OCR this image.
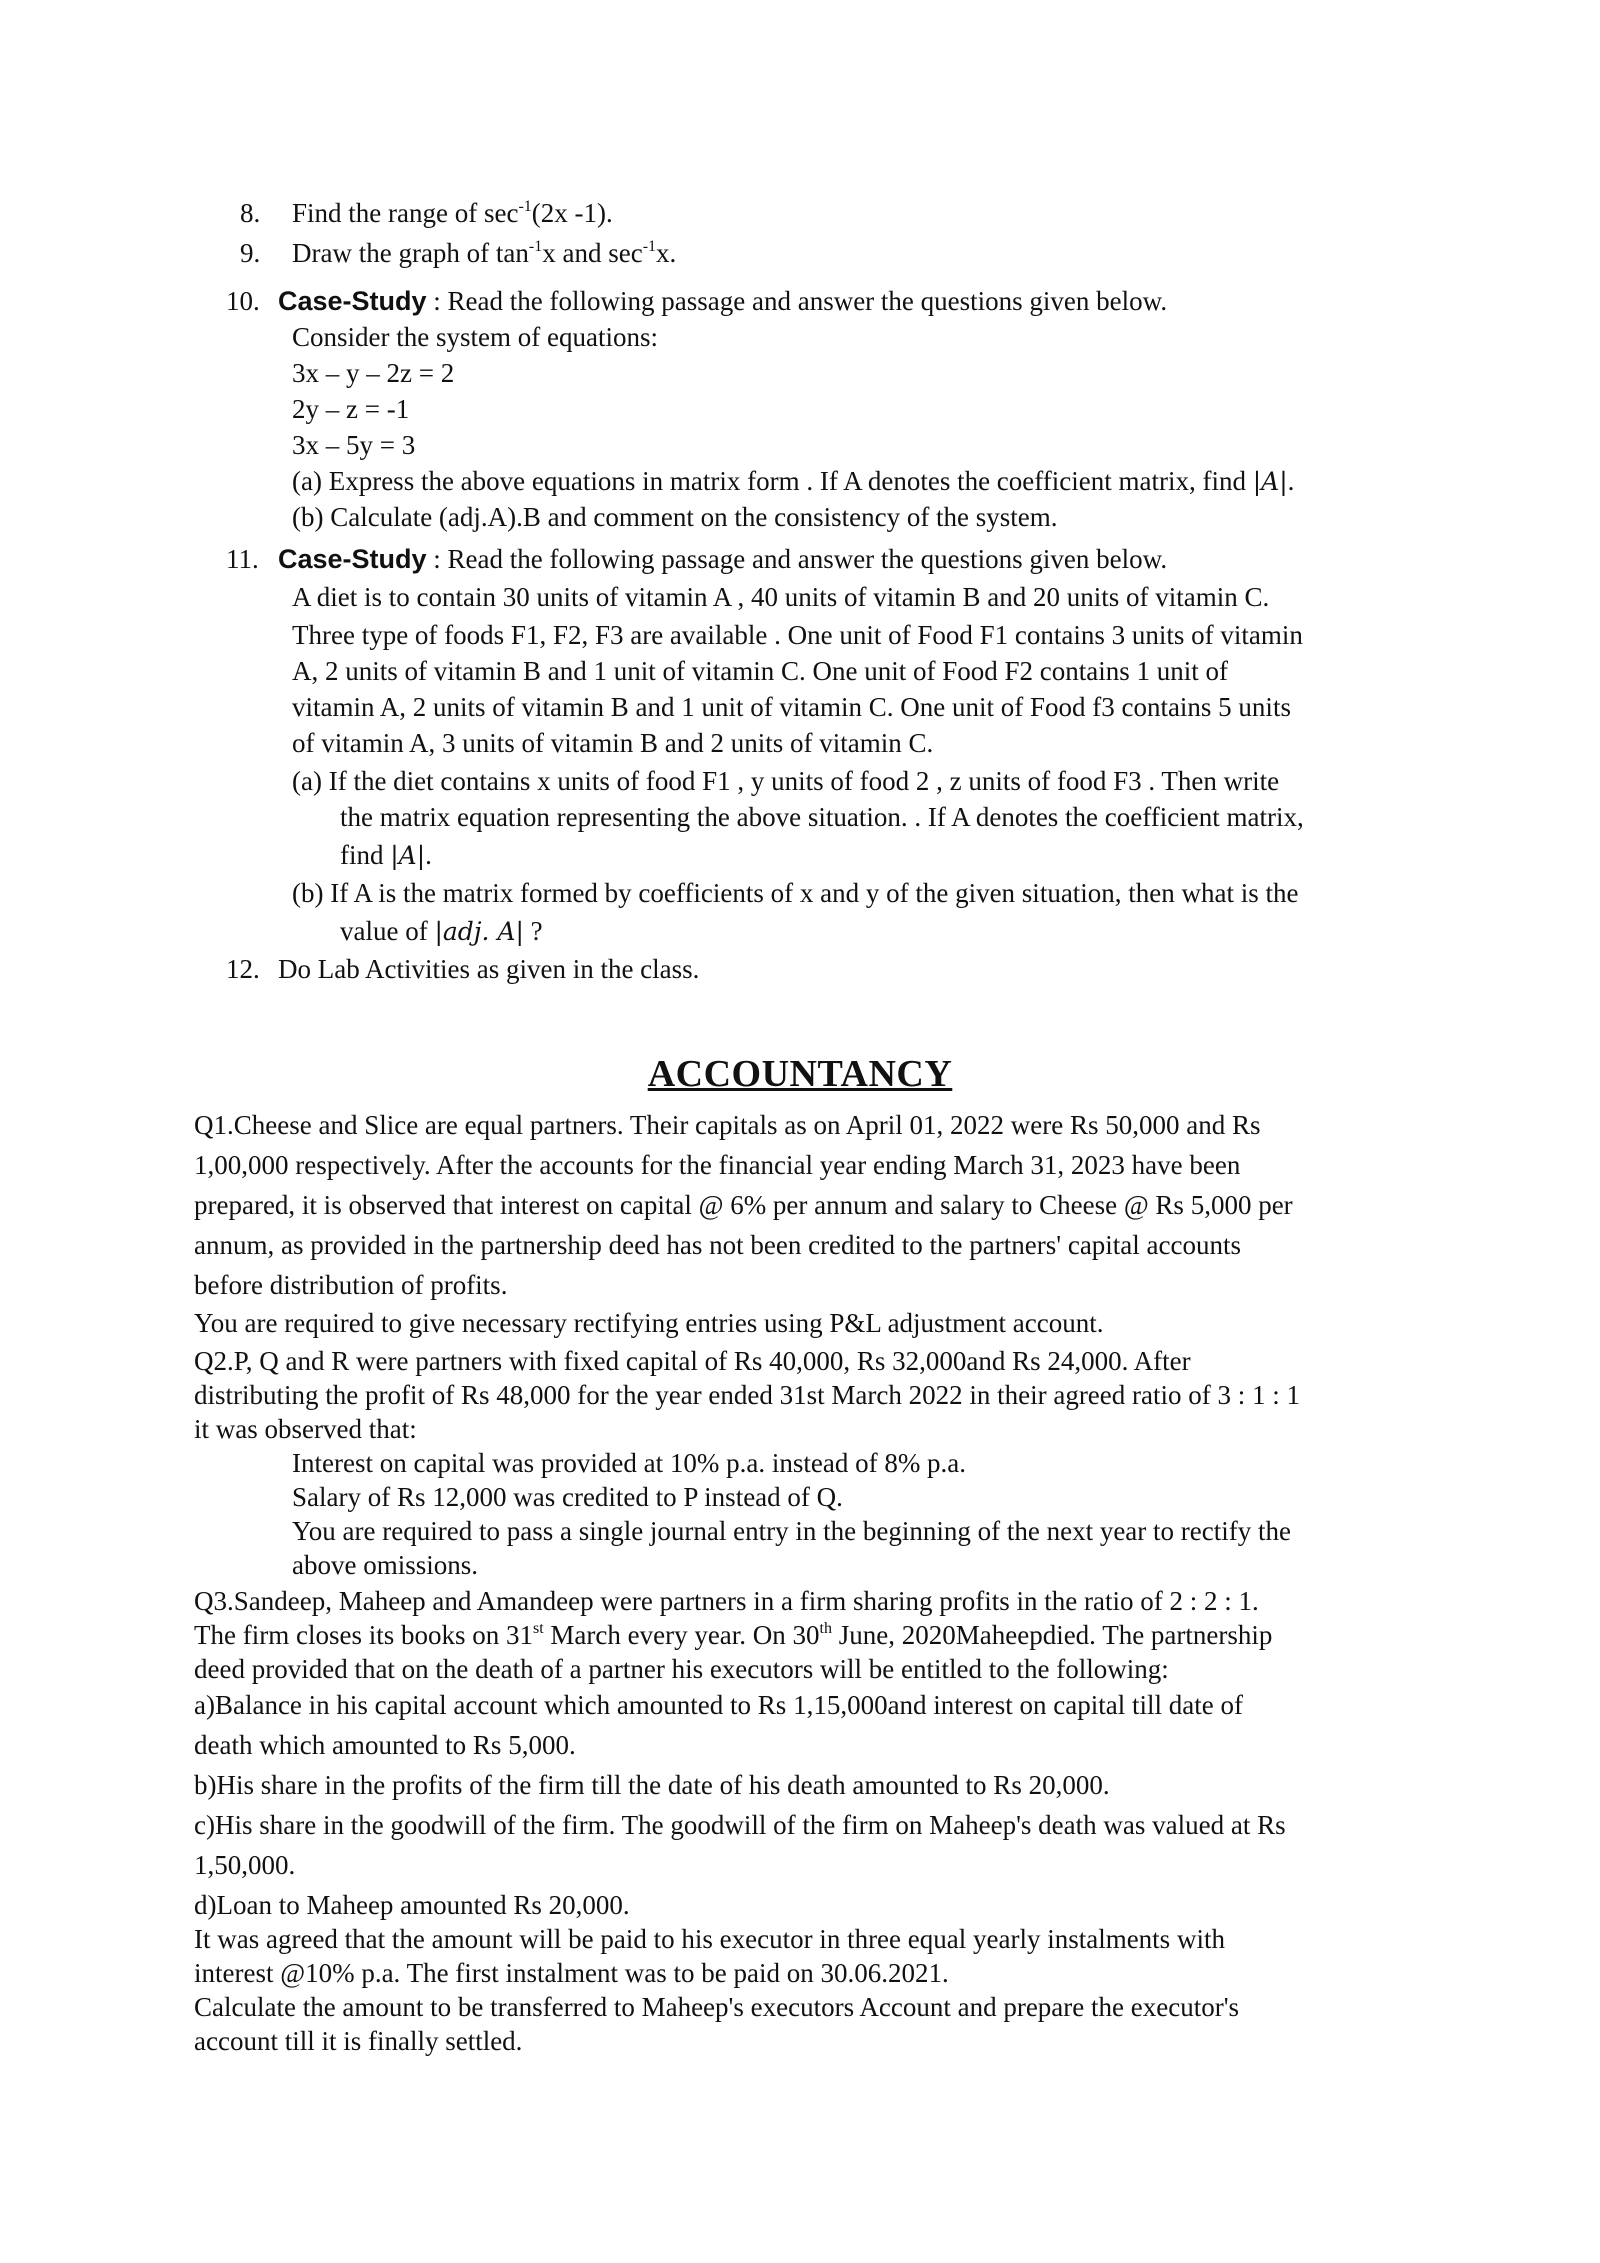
8. Find the range of $\sec^{-1}(2x$ -1).
9. Draw the graph of $\tan^{-1}x$ and $\sec^{-1}x$.
10. Case-Study : Read the following passage and answer the questions given below.
Consider the system of equations:
3x – y – 2z = 2
2y – z = -1
3x – 5y = 3
(a) Express the above equations in matrix form . If A denotes the coefficient matrix, find |A|.
(b) Calculate (adj.A).B and comment on the consistency of the system.
11. Case-Study : Read the following passage and answer the questions given below.
A diet is to contain 30 units of vitamin A , 40 units of vitamin B and 20 units of vitamin C.
Three type of foods F1, F2, F3 are available . One unit of Food F1 contains 3 units of vitamin
A, 2 units of vitamin B and 1 unit of vitamin C. One unit of Food F2 contains 1 unit of
vitamin A, 2 units of vitamin B and 1 unit of vitamin C. One unit of Food f3 contains 5 units
of vitamin A, 3 units of vitamin B and 2 units of vitamin C.
(a) If the diet contains x units of food F1 , y units of food 2 , z units of food F3 . Then write
the matrix equation representing the above situation. . If A denotes the coefficient matrix,
find |A|.
(b) If A is the matrix formed by coefficients of x and y of the given situation, then what is the
value of |adj. A| ?
12. Do Lab Activities as given in the class.
ACCOUNTANCY
Q1.Cheese and Slice are equal partners. Their capitals as on April 01, 2022 were Rs 50,000 and Rs
1,00,000 respectively. After the accounts for the financial year ending March 31, 2023 have been
prepared, it is observed that interest on capital @ 6% per annum and salary to Cheese @ Rs 5,000 per
annum, as provided in the partnership deed has not been credited to the partners' capital accounts
before distribution of profits.
You are required to give necessary rectifying entries using P&L adjustment account.
Q2.P, Q and R were partners with fixed capital of Rs 40,000, Rs 32,000and Rs 24,000. After
distributing the profit of Rs 48,000 for the year ended 31st March 2022 in their agreed ratio of 3 : 1 : 1
it was observed that:
Interest on capital was provided at 10% p.a. instead of 8% p.a.
Salary of Rs 12,000 was credited to P instead of Q.
You are required to pass a single journal entry in the beginning of the next year to rectify the
above omissions.
Q3.Sandeep, Maheep and Amandeep were partners in a firm sharing profits in the ratio of 2 : 2 : 1.
The firm closes its books on 31st March every year. On 30th June, 2020Maheepdied. The partnership
deed provided that on the death of a partner his executors will be entitled to the following:
a)Balance in his capital account which amounted to Rs 1,15,000and interest on capital till date of
death which amounted to Rs 5,000.
b)His share in the profits of the firm till the date of his death amounted to Rs 20,000.
c)His share in the goodwill of the firm. The goodwill of the firm on Maheep's death was valued at Rs
1,50,000.
d)Loan to Maheep amounted Rs 20,000.
It was agreed that the amount will be paid to his executor in three equal yearly instalments with
interest @10% p.a. The first instalment was to be paid on 30.06.2021.
Calculate the amount to be transferred to Maheep's executors Account and prepare the executor's
account till it is finally settled.
